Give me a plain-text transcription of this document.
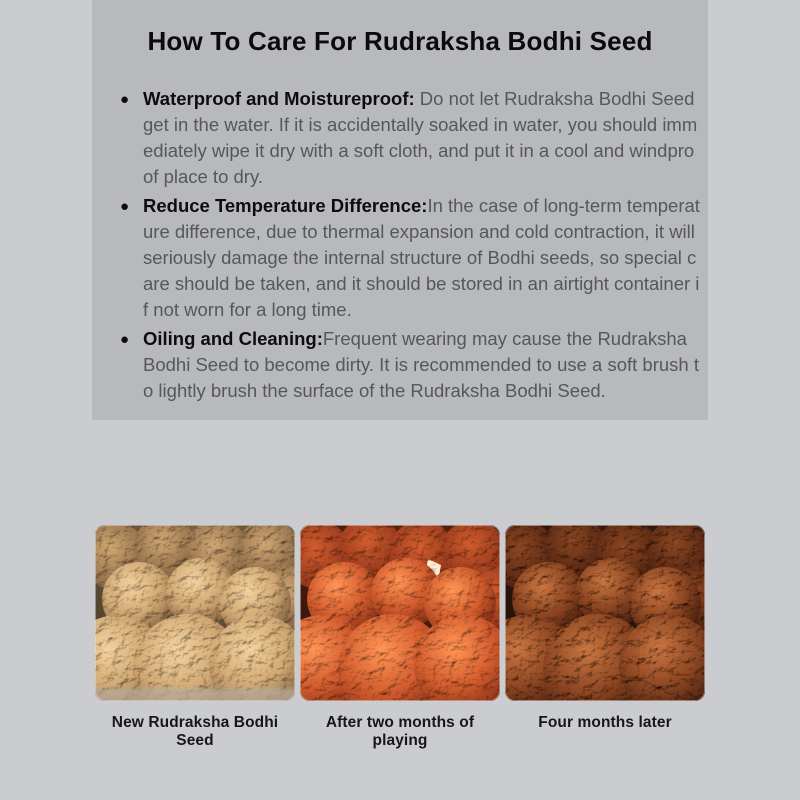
How To Care For Rudraksha Bodhi Seed
● Waterproof and Moistureproof: Do not let Rudraksha Bodhi Seed get in the water. If it is accidentally soaked in water, you should immediately wipe it dry with a soft cloth, and put it in a cool and windproof place to dry.
● Reduce Temperature Difference:In the case of long-term temperature difference, due to thermal expansion and cold contraction, it will seriously damage the internal structure of Bodhi seeds, so special care should be taken, and it should be stored in an airtight container if not worn for a long time.
● Oiling and Cleaning:Frequent wearing may cause the Rudraksha Bodhi Seed to become dirty. It is recommended to use a soft brush to lightly brush the surface of the Rudraksha Bodhi Seed.
New Rudraksha Bodhi Seed
After two months of playing
Four months later
